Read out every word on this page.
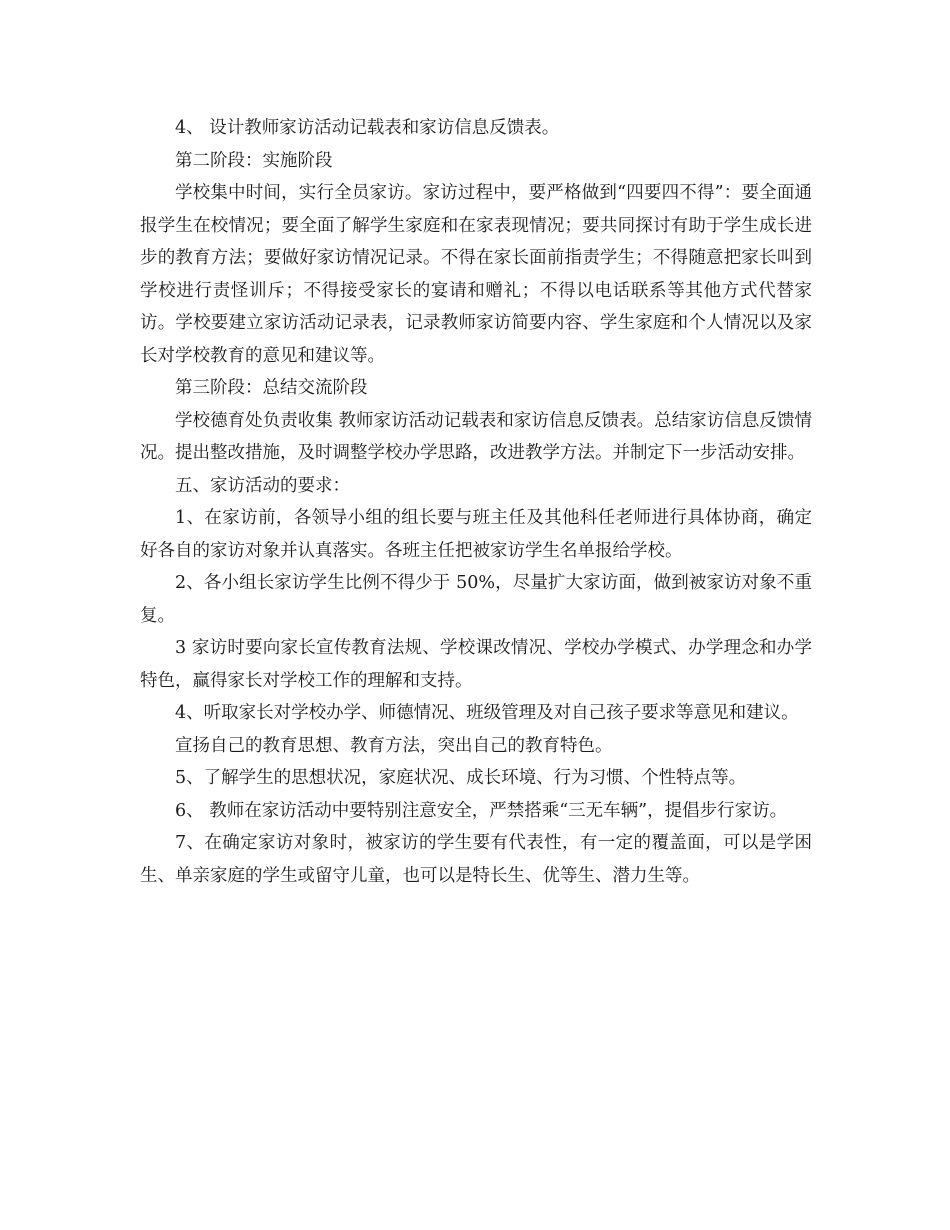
4、 设计教师家访活动记载表和家访信息反馈表。

第二阶段：实施阶段

学校集中时间，实行全员家访。家访过程中，要严格做到“四要四不得”：要全面通报学生在校情况；要全面了解学生家庭和在家表现情况；要共同探讨有助于学生成长进步的教育方法；要做好家访情况记录。不得在家长面前指责学生；不得随意把家长叫到学校进行责怪训斥；不得接受家长的宴请和赠礼；不得以电话联系等其他方式代替家访。学校要建立家访活动记录表，记录教师家访简要内容、学生家庭和个人情况以及家长对学校教育的意见和建议等。

第三阶段：总结交流阶段

学校德育处负责收集 教师家访活动记载表和家访信息反馈表。总结家访信息反馈情况。提出整改措施，及时调整学校办学思路，改进教学方法。并制定下一步活动安排。

五、家访活动的要求：

1、在家访前，各领导小组的组长要与班主任及其他科任老师进行具体协商，确定好各自的家访对象并认真落实。各班主任把被家访学生名单报给学校。

2、各小组长家访学生比例不得少于 50%，尽量扩大家访面，做到被家访对象不重复。

3 家访时要向家长宣传教育法规、学校课改情况、学校办学模式、办学理念和办学特色，赢得家长对学校工作的理解和支持。

4、听取家长对学校办学、师德情况、班级管理及对自己孩子要求等意见和建议。

宣扬自己的教育思想、教育方法，突出自己的教育特色。

5、了解学生的思想状况，家庭状况、成长环境、行为习惯、个性特点等。

6、 教师在家访活动中要特别注意安全，严禁搭乘“三无车辆”，提倡步行家访。

7、在确定家访对象时，被家访的学生要有代表性，有一定的覆盖面，可以是学困生、单亲家庭的学生或留守儿童，也可以是特长生、优等生、潜力生等。
